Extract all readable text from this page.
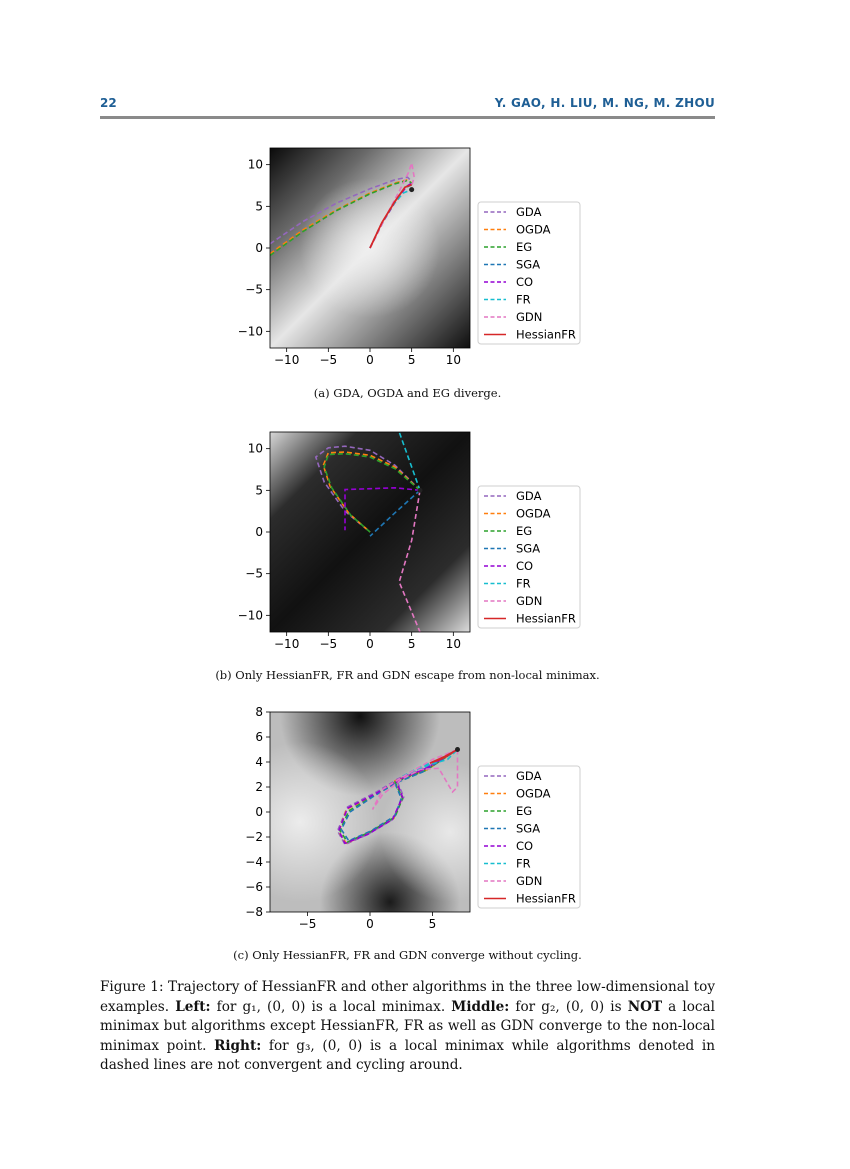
22	Y. GAO, H. LIU, M. NG, M. ZHOU
−10 −5 0	5	10
−10
−5
0
5
10
GDA
OGDA
EG
SGA
CO
FR
GDN
HessianFR
(a) GDA, OGDA and EG diverge.
−10 −5 0	5	10
−10
−5
0
5
10
GDA
OGDA
EG
SGA
CO
FR
GDN
HessianFR
(b) Only HessianFR, FR and GDN escape from non-local minimax.
−5	0	5
−8
−6
−4
−2
0
2
4
6
8
GDA
OGDA
EG
SGA
CO
FR
GDN
HessianFR
(c) Only HessianFR, FR and GDN converge without cycling.
Figure 1: Trajectory of HessianFR and other algorithms in the three low-dimensional toy examples. Left: for g₁, (0, 0) is a local minimax. Middle: for g₂, (0, 0) is NOT a local minimax but algorithms except HessianFR, FR as well as GDN converge to the non-local minimax point. Right: for g₃, (0, 0) is a local minimax while algorithms denoted in dashed lines are not convergent and cycling around.
